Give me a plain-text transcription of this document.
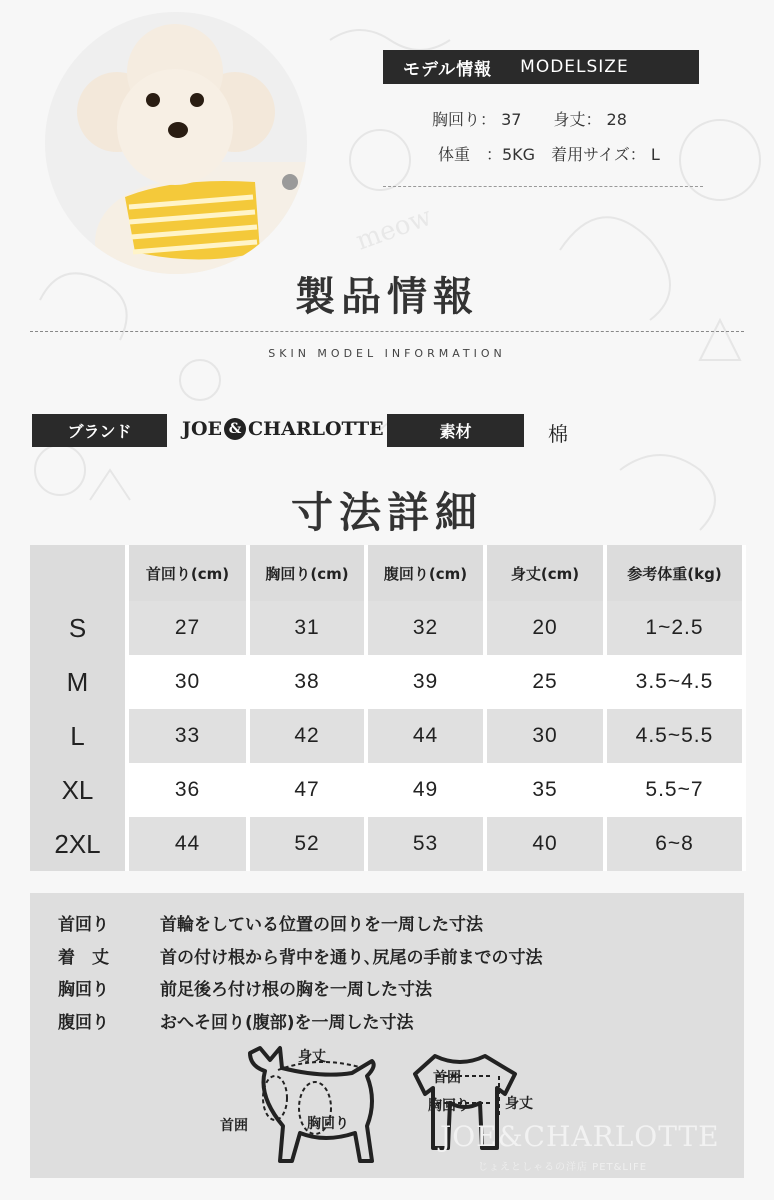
meow
モデル情報 MODELSIZE
胸回り： 37　　身丈： 28
体重　：5KG　着用サイズ： L
製品情報
SKIN MODEL INFORMATION
ブランド	JOE & CHARLOTTE	素材	棉
寸法詳細
	首回り(cm)	胸回り(cm)	腹回り(cm)	身丈(cm)	参考体重(kg)
S	27	31	32	20	1~2.5
M	30	38	39	25	3.5~4.5
L	33	42	44	30	4.5~5.5
XL	36	47	49	35	5.5~7
2XL	44	52	53	40	6~8
首回り	首輪をしている位置の回りを一周した寸法
着　丈	首の付け根から背中を通り､尻尾の手前までの寸法
胸回り	前足後ろ付け根の胸を一周した寸法
腹回り	おへそ回り(腹部)を一周した寸法
身丈
首囲	胸回り
首囲
胸回り	身丈
JOE&CHARLOTTE
じょえとしゃるの洋店 PET&LIFE
